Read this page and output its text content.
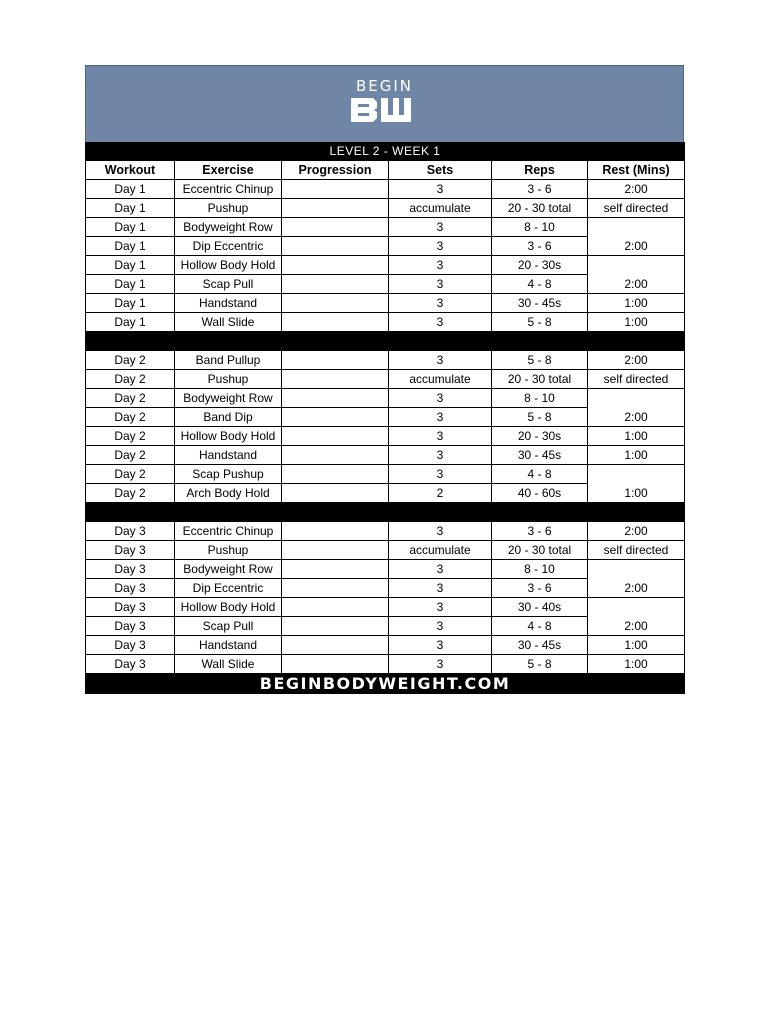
BEGIN
LEVEL 2 - WEEK 1					
Workout	Exercise	Progression	Sets	Reps	Rest (Mins)
Day 1	Eccentric Chinup		3	3 - 6	2:00
Day 1	Pushup		accumulate	20 - 30 total	self directed
Day 1	Bodyweight Row		3	8 - 10	2:00
Day 1	Dip Eccentric		3	3 - 6	
Day 1	Hollow Body Hold		3	20 - 30s	2:00
Day 1	Scap Pull		3	4 - 8	
Day 1	Handstand		3	30 - 45s	1:00
Day 1	Wall Slide		3	5 - 8	1:00

Day 2	Band Pullup		3	5 - 8	2:00
Day 2	Pushup		accumulate	20 - 30 total	self directed
Day 2	Bodyweight Row		3	8 - 10	2:00
Day 2	Band Dip		3	5 - 8	
Day 2	Hollow Body Hold		3	20 - 30s	1:00
Day 2	Handstand		3	30 - 45s	1:00
Day 2	Scap Pushup		3	4 - 8	1:00
Day 2	Arch Body Hold		2	40 - 60s	

Day 3	Eccentric Chinup		3	3 - 6	2:00
Day 3	Pushup		accumulate	20 - 30 total	self directed
Day 3	Bodyweight Row		3	8 - 10	2:00
Day 3	Dip Eccentric		3	3 - 6	
Day 3	Hollow Body Hold		3	30 - 40s	2:00
Day 3	Scap Pull		3	4 - 8	
Day 3	Handstand		3	30 - 45s	1:00
Day 3	Wall Slide		3	5 - 8	1:00
BEGINBODYWEIGHT.COM					
